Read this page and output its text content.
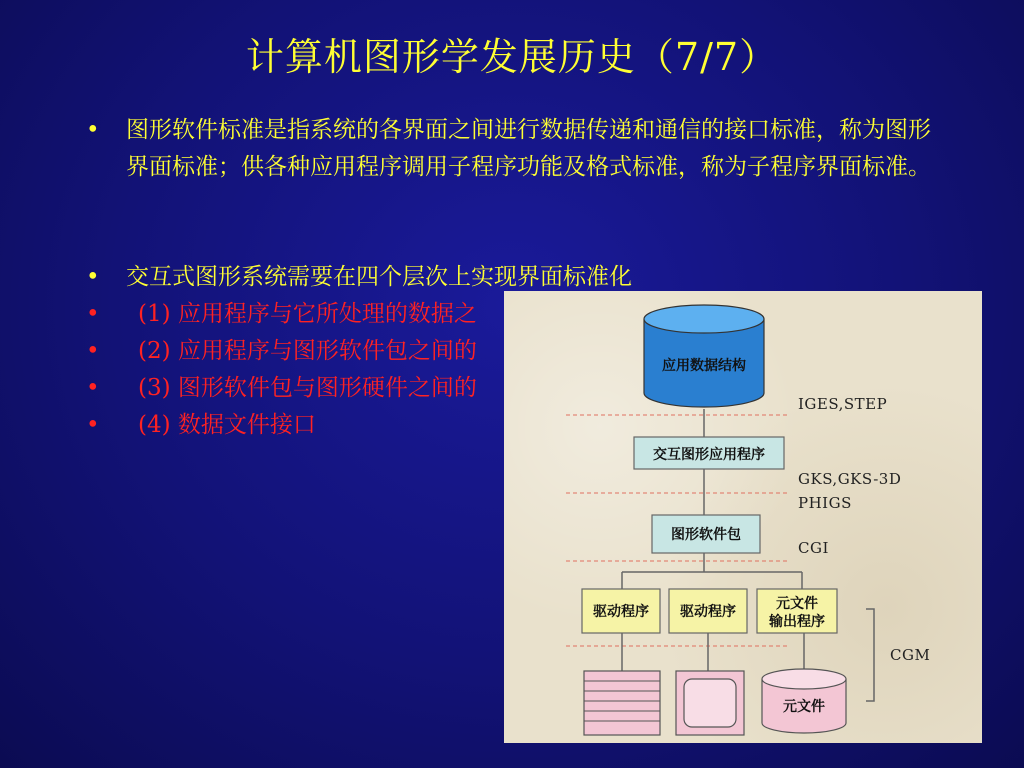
计算机图形学发展历史（7/7）
• 图形软件标准是指系统的各界面之间进行数据传递和通信的接口标准，称为图形界面标准；供各种应用程序调用子程序功能及格式标准，称为子程序界面标准。
• 交互式图形系统需要在四个层次上实现界面标准化
• (1) 应用程序与它所处理的数据之
• (2) 应用程序与图形软件包之间的
• (3) 图形软件包与图形硬件之间的
• (4) 数据文件接口
应用数据结构
交互图形应用程序
图形软件包
驱动程序 驱动程序	元文件
输出程序
元文件
IGES,STEP
GKS,GKS-3D
PHIGS
CGI
CGM
